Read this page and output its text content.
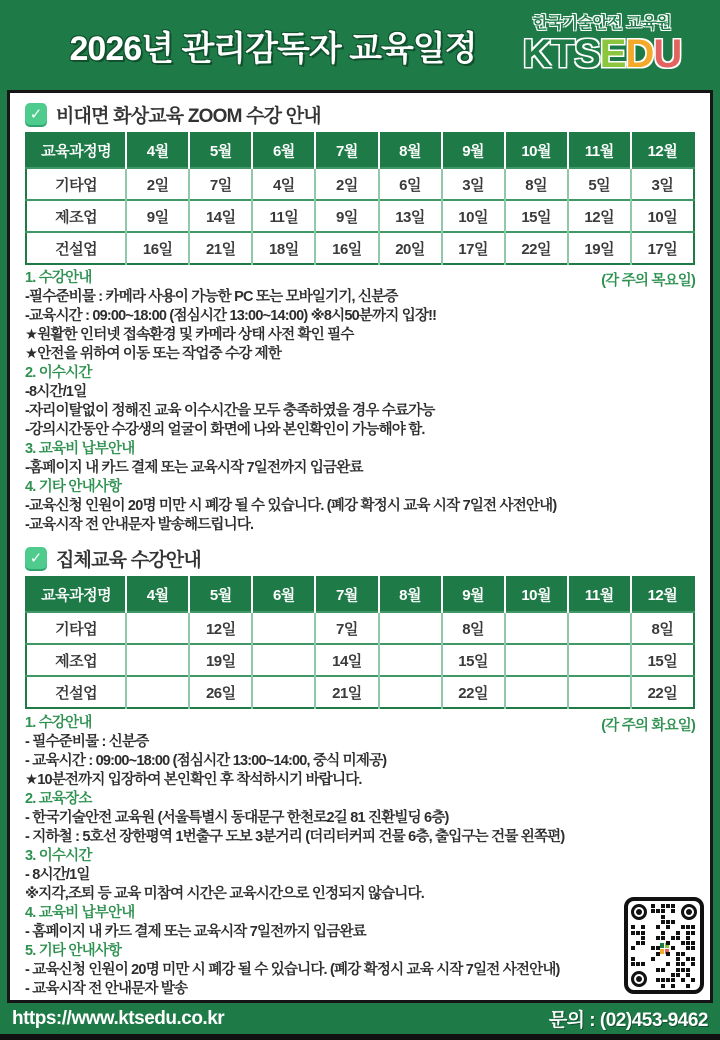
2026년 관리감독자 교육일정
한국기술안전 교육원
KTSEDU
✓ 비대면 화상교육 ZOOM 수강 안내
교육과정명	4월	5월	6월	7월	8월	9월	10월	11월	12월
기타업	2일	7일	4일	2일	6일	3일	8일	5일	3일
제조업	9일	14일	11일	9일	13일	10일	15일	12일	10일
건설업	16일	21일	18일	16일	20일	17일	22일	19일	17일
(각 주의 목요일)

1. 수강안내

-필수준비물 : 카메라 사용이 가능한 PC 또는 모바일기기, 신분증

-교육시간 : 09:00~18:00 (점심시간 13:00~14:00) ※8시50분까지 입장!!

★원활한 인터넷 접속환경 및 카메라 상태 사전 확인 필수

★안전을 위하여 이동 또는 작업중 수강 제한

2. 이수시간

-8시간/1일

-자리이탈없이 정해진 교육 이수시간을 모두 충족하였을 경우 수료가능

-강의시간동안 수강생의 얼굴이 화면에 나와 본인확인이 가능해야 함.

3. 교육비 납부안내

-홈페이지 내 카드 결제 또는 교육시작 7일전까지 입금완료

4. 기타 안내사항

-교육신청 인원이 20명 미만 시 폐강 될 수 있습니다. (폐강 확정시 교육 시작 7일전 사전안내)

-교육시작 전 안내문자 발송해드립니다.

✓ 집체교육 수강안내
교육과정명	4월	5월	6월	7월	8월	9월	10월	11월	12월
기타업		12일		7일		8일			8일
제조업		19일		14일		15일			15일
건설업		26일		21일		22일			22일
(각 주의 화요일)

1. 수강안내

- 필수준비물 : 신분증

- 교육시간 : 09:00~18:00 (점심시간 13:00~14:00, 중식 미제공)

★10분전까지 입장하여 본인확인 후 착석하시기 바랍니다.

2. 교육장소

- 한국기술안전 교육원 (서울특별시 동대문구 한천로2길 81 진환빌딩 6층)

- 지하철 : 5호선 장한평역 1번출구 도보 3분거리 (더리터커피 건물 6층, 출입구는 건물 왼쪽편)

3. 이수시간

- 8시간/1일

※지각,조퇴 등 교육 미참여 시간은 교육시간으로 인정되지 않습니다.

4. 교육비 납부안내

- 홈페이지 내 카드 결제 또는 교육시작 7일전까지 입금완료

5. 기타 안내사항

- 교육신청 인원이 20명 미만 시 폐강 될 수 있습니다. (폐강 확정시 교육 시작 7일전 사전안내)

- 교육시작 전 안내문자 발송

https://www.ktsedu.co.kr	문의 : (02)453-9462
